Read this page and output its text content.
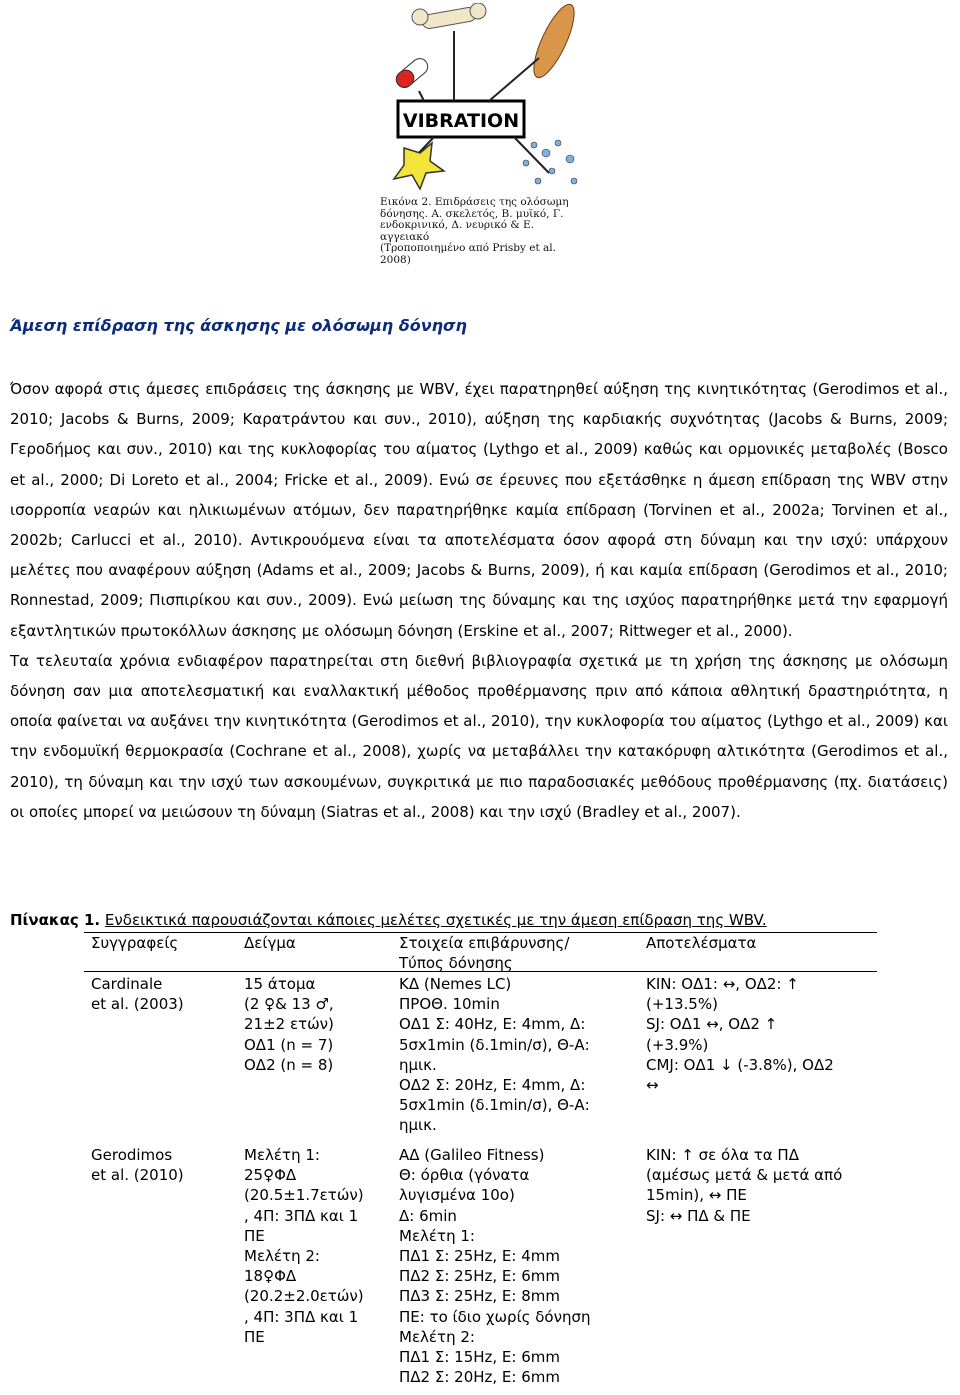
VIBRATION
Εικόνα 2. Επιδράσεις της ολόσωμη
δόνησης. Α. σκελετός, Β. μυϊκό, Γ.
ενδοκρινικό, Δ. νευρικό & Ε. αγγειακό
(Τροποποιημένο από Prisby et al.
2008)
Άμεση επίδραση της άσκησης με ολόσωμη δόνηση

Όσον αφορά στις άμεσες επιδράσεις της άσκησης με WBV, έχει παρατηρηθεί αύξηση της κινητικότητας (Gerodimos et al., 2010; Jacobs & Burns, 2009; Καρατράντου και συν., 2010), αύξηση της καρδιακής συχνότητας (Jacobs & Burns, 2009; Γεροδήμος και συν., 2010) και της κυκλοφορίας του αίματος (Lythgo et al., 2009) καθώς και ορμονικές μεταβολές (Bosco et al., 2000; Di Loreto et al., 2004; Fricke et al., 2009). Ενώ σε έρευνες που εξετάσθηκε η άμεση επίδραση της WBV στην ισορροπία νεαρών και ηλικιωμένων ατόμων, δεν παρατηρήθηκε καμία επίδραση (Torvinen et al., 2002a; Torvinen et al., 2002b; Carlucci et al., 2010). Αντικρουόμενα είναι τα αποτελέσματα όσον αφορά στη δύναμη και την ισχύ: υπάρχουν μελέτες που αναφέρουν αύξηση (Adams et al., 2009; Jacobs & Burns, 2009), ή και καμία επίδραση (Gerodimos et al., 2010; Ronnestad, 2009; Πισπιρίκου και συν., 2009). Ενώ μείωση της δύναμης και της ισχύος παρατηρήθηκε μετά την εφαρμογή εξαντλητικών πρωτοκόλλων άσκησης με ολόσωμη δόνηση (Erskine et al., 2007; Rittweger et al., 2000).

Τα τελευταία χρόνια ενδιαφέρον παρατηρείται στη διεθνή βιβλιογραφία σχετικά με τη χρήση της άσκησης με ολόσωμη δόνηση σαν μια αποτελεσματική και εναλλακτική μέθοδος προθέρμανσης πριν από κάποια αθλητική δραστηριότητα, η οποία φαίνεται να αυξάνει την κινητικότητα (Gerodimos et al., 2010), την κυκλοφορία του αίματος (Lythgo et al., 2009) και την ενδομυϊκή θερμοκρασία (Cochrane et al., 2008), χωρίς να μεταβάλλει την κατακόρυφη αλτικότητα (Gerodimos et al., 2010), τη δύναμη και την ισχύ των ασκουμένων, συγκριτικά με πιο παραδοσιακές μεθόδους προθέρμανσης (πχ. διατάσεις) οι οποίες μπορεί να μειώσουν τη δύναμη (Siatras et al., 2008) και την ισχύ (Bradley et al., 2007).

Πίνακας 1. Ενδεικτικά παρουσιάζονται κάποιες μελέτες σχετικές με την άμεση επίδραση της WBV.
Συγγραφείς	Δείγμα	Στοιχεία επιβάρυνσης/
Τύπος δόνησης
Αποτελέσματα
Cardinale
et al. (2003)
15 άτομα
(2 ♀& 13 ♂,
21±2 ετών)
ΟΔ1 (n = 7)
ΟΔ2 (n = 8)
ΚΔ (Nemes LC)
ΠΡΟΘ. 10min
ΟΔ1 Σ: 40Hz, Ε: 4mm, Δ:
5σx1min (δ.1min/σ), Θ-Α:
ημικ.
ΟΔ2 Σ: 20Hz, Ε: 4mm, Δ:
5σx1min (δ.1min/σ), Θ-Α:
ημικ.
ΚΙΝ: ΟΔ1: ↔, ΟΔ2: ↑
(+13.5%)
SJ: ΟΔ1 ↔, ΟΔ2 ↑
(+3.9%)
CMJ: ΟΔ1 ↓ (-3.8%), ΟΔ2
↔
Gerodimos
et al. (2010)
Μελέτη 1:
25♀ΦΔ
(20.5±1.7ετών)
, 4Π: 3ΠΔ και 1
ΠΕ
Μελέτη 2:
18♀ΦΔ
(20.2±2.0ετών)
, 4Π: 3ΠΔ και 1
ΠΕ
ΑΔ (Galileo Fitness)
Θ: όρθια (γόνατα
λυγισμένα 10ο)
Δ: 6min
Μελέτη 1:
ΠΔ1 Σ: 25Hz, Ε: 4mm
ΠΔ2 Σ: 25Hz, Ε: 6mm
ΠΔ3 Σ: 25Hz, Ε: 8mm
ΠΕ: το ίδιο χωρίς δόνηση
Μελέτη 2:
ΠΔ1 Σ: 15Hz, Ε: 6mm
ΠΔ2 Σ: 20Hz, Ε: 6mm
ΚΙΝ: ↑ σε όλα τα ΠΔ
(αμέσως μετά & μετά από
15min), ↔ ΠΕ
SJ: ↔ ΠΔ & ΠΕ
